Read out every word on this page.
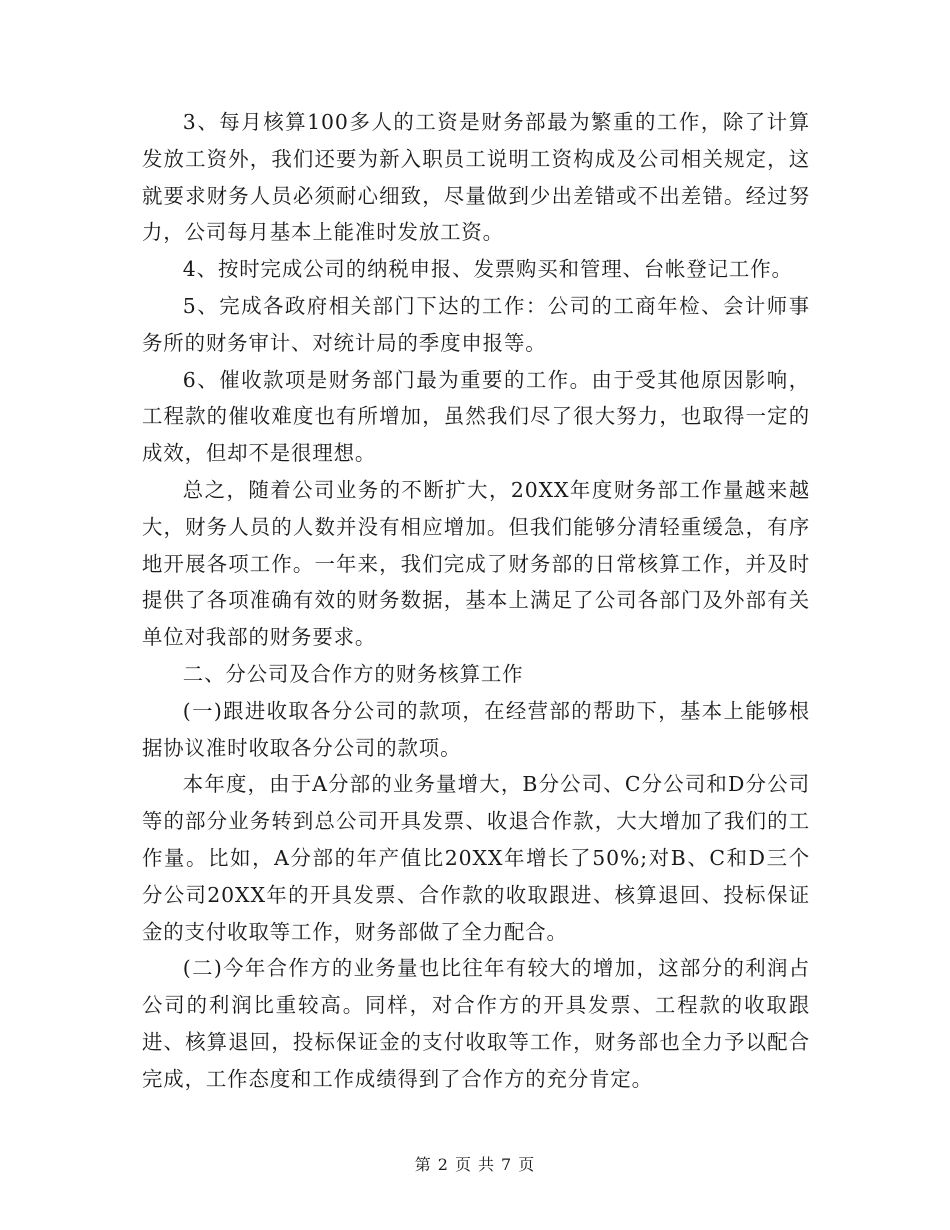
3、每月核算100多人的工资是财务部最为繁重的工作，除了计算发放工资外，我们还要为新入职员工说明工资构成及公司相关规定，这就要求财务人员必须耐心细致，尽量做到少出差错或不出差错。经过努力，公司每月基本上能准时发放工资。

4、按时完成公司的纳税申报、发票购买和管理、台帐登记工作。

5、完成各政府相关部门下达的工作：公司的工商年检、会计师事务所的财务审计、对统计局的季度申报等。

6、催收款项是财务部门最为重要的工作。由于受其他原因影响，工程款的催收难度也有所增加，虽然我们尽了很大努力，也取得一定的成效，但却不是很理想。

总之，随着公司业务的不断扩大，20XX年度财务部工作量越来越大，财务人员的人数并没有相应增加。但我们能够分清轻重缓急，有序地开展各项工作。一年来，我们完成了财务部的日常核算工作，并及时提供了各项准确有效的财务数据，基本上满足了公司各部门及外部有关单位对我部的财务要求。

二、分公司及合作方的财务核算工作

(一)跟进收取各分公司的款项，在经营部的帮助下，基本上能够根据协议准时收取各分公司的款项。

本年度，由于A分部的业务量增大，B分公司、C分公司和D分公司等的部分业务转到总公司开具发票、收退合作款，大大增加了我们的工作量。比如，A分部的年产值比20XX年增长了50%;对B、C和D三个分公司20XX年的开具发票、合作款的收取跟进、核算退回、投标保证金的支付收取等工作，财务部做了全力配合。

(二)今年合作方的业务量也比往年有较大的增加，这部分的利润占公司的利润比重较高。同样，对合作方的开具发票、工程款的收取跟进、核算退回，投标保证金的支付收取等工作，财务部也全力予以配合完成，工作态度和工作成绩得到了合作方的充分肯定。

第 2 页 共 7 页
